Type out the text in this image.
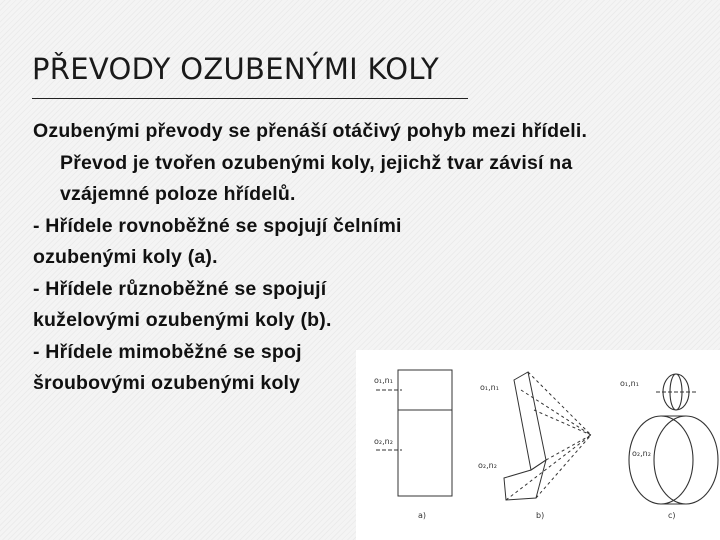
PŘEVODY OZUBENÝMI KOLY

Ozubenými převody se přenáší otáčivý pohyb mezi hřídeli.
Převod je tvořen ozubenými koly, jejichž tvar závisí na
vzájemné poloze hřídelů.

- Hřídele rovnoběžné se spojují čelními
ozubenými koly (a).

- Hřídele různoběžné se spojují
kuželovými ozubenými koly (b).

- Hřídele mimoběžné se spoj
šroubovými ozubenými koly	o₁,n₁
o₂,n₂
a)
o₁,n₁
o₂,n₂
b)
o₁,n₁
o₂,n₂
c)
